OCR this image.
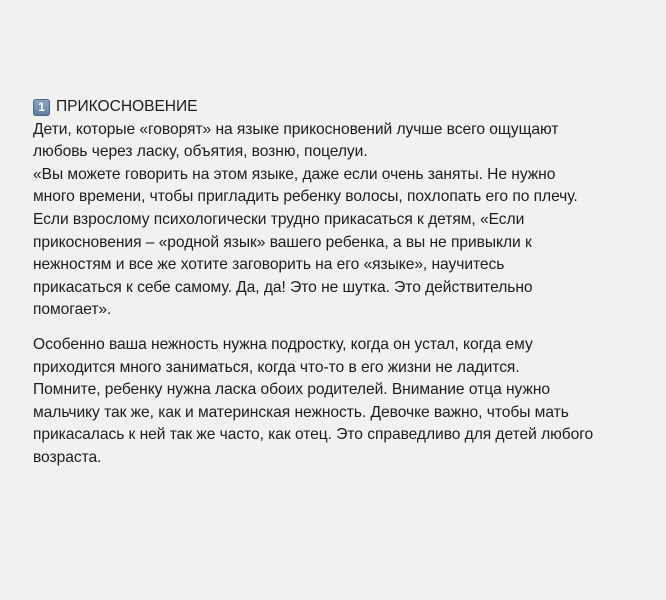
1 ПРИКОСНОВЕНИЕ
Дети, которые «говорят» на языке прикосновений лучше всего ощущают
любовь через ласку, объятия, возню, поцелуи.
«Вы можете говорить на этом языке, даже если очень заняты. Не нужно
много времени, чтобы пригладить ребенку волосы, похлопать его по плечу.
Если взрослому психологически трудно прикасаться к детям, «Если
прикосновения – «родной язык» вашего ребенка, а вы не привыкли к
нежностям и все же хотите заговорить на его «языке», научитесь
прикасаться к себе самому. Да, да! Это не шутка. Это действительно
помогает».
Особенно ваша нежность нужна подростку, когда он устал, когда ему
приходится много заниматься, когда что-то в его жизни не ладится.
Помните, ребенку нужна ласка обоих родителей. Внимание отца нужно
мальчику так же, как и материнская нежность. Девочке важно, чтобы мать
прикасалась к ней так же часто, как отец. Это справедливо для детей любого
возраста.
